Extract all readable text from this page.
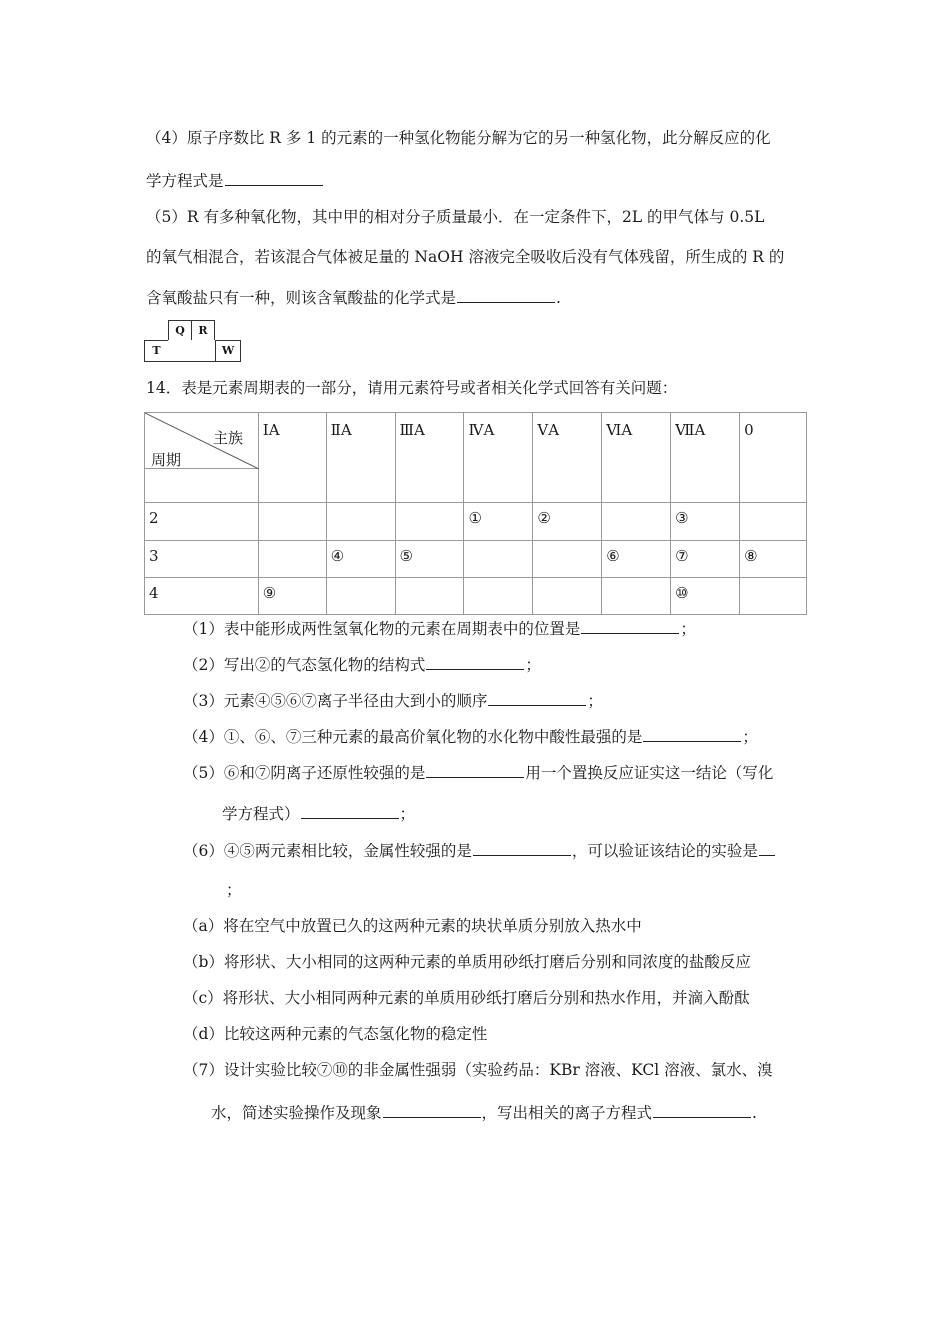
（4）原子序数比 R 多 1 的元素的一种氢化物能分解为它的另一种氢化物，此分解反应的化
学方程式是
（5）R 有多种氧化物，其中甲的相对分子质量最小．在一定条件下，2L 的甲气体与 0.5L
的氧气相混合，若该混合气体被足量的 NaOH 溶液完全吸收后没有气体残留，所生成的 R 的
含氧酸盐只有一种，则该含氧酸盐的化学式是	.
Q	R
T	W
14．表是元素周期表的一部分，请用元素符号或者相关化学式回答有关问题：
主族
周期	ⅠA	ⅡA	ⅢA	ⅣA	ⅤA	ⅥA	ⅦA	0

2				①	②		③	
3		④	⑤			⑥	⑦	⑧
4	⑨						⑩	
（1）表中能形成两性氢氧化物的元素在周期表中的位置是	；
（2）写出②的气态氢化物的结构式	；
（3）元素④⑤⑥⑦离子半径由大到小的顺序	；
（4）①、⑥、⑦三种元素的最高价氧化物的水化物中酸性最强的是	；
（5）⑥和⑦阴离子还原性较强的是	用一个置换反应证实这一结论（写化
学方程式）	；
（6）④⑤两元素相比较，金属性较强的是	，可以验证该结论的实验是
；
（a）将在空气中放置已久的这两种元素的块状单质分别放入热水中
（b）将形状、大小相同的这两种元素的单质用砂纸打磨后分别和同浓度的盐酸反应
（c）将形状、大小相同两种元素的单质用砂纸打磨后分别和热水作用，并滴入酚酞
（d）比较这两种元素的气态氢化物的稳定性
（7）设计实验比较⑦⑩的非金属性强弱（实验药品：KBr 溶液、KCl 溶液、氯水、溴
水，简述实验操作及现象	，写出相关的离子方程式	.
